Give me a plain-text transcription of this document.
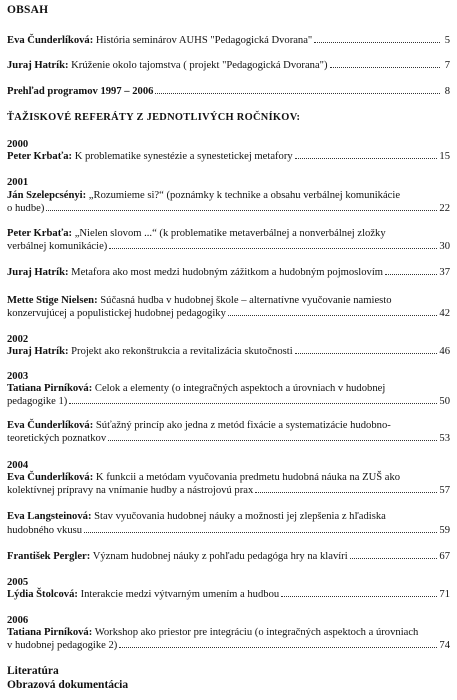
OBSAH
Eva Čunderlíková: História seminárov AUHS "Pedagogická Dvorana"	5
Juraj Hatrík: Krúženie okolo tajomstva ( projekt "Pedagogická Dvorana")	7
Prehľad programov 1997 – 2006	8
ŤAŽISKOVÉ REFERÁTY Z JEDNOTLIVÝCH ROČNÍKOV:
2000
Peter Krbaťa: K problematike synestézie a synestetickej metafory	15
2001
Ján Szelepcsényi: „Rozumieme si?“ (poznámky k technike a obsahu verbálnej komunikácie
o hudbe)	22
Peter Krbaťa: „Nielen slovom ...“ (k problematike metaverbálnej a nonverbálnej zložky
verbálnej komunikácie)	30
Juraj Hatrík: Metafora ako most medzi hudobným zážitkom a hudobným pojmoslovím	37
Mette Stige Nielsen: Súčasná hudba v hudobnej škole – alternatívne vyučovanie namiesto
konzervujúcej a populistickej hudobnej pedagogiky	42
2002
Juraj Hatrík: Projekt ako rekonštrukcia a revitalizácia skutočnosti	46
2003
Tatiana Pirníková: Celok a elementy (o integračných aspektoch a úrovniach v hudobnej
pedagogike 1)	50
Eva Čunderlíková: Súťažný princíp ako jedna z metód fixácie a systematizácie hudobno-
teoretických poznatkov	53
2004
Eva Čunderlíková: K funkcii a metódam vyučovania predmetu hudobná náuka na ZUŠ ako
kolektívnej prípravy na vnímanie hudby a nástrojovú prax	57
Eva Langsteinová: Stav vyučovania hudobnej náuky a možnosti jej zlepšenia z hľadiska
hudobného vkusu	59
František Pergler: Význam hudobnej náuky z pohľadu pedagóga hry na klavíri	67
2005
Lýdia Štolcová: Interakcie medzi výtvarným umením a hudbou	71
2006
Tatiana Pirníková: Workshop ako priestor pre integráciu (o integračných aspektoch a úrovniach
v hudobnej pedagogike 2)	74
Literatúra
Obrazová dokumentácia
